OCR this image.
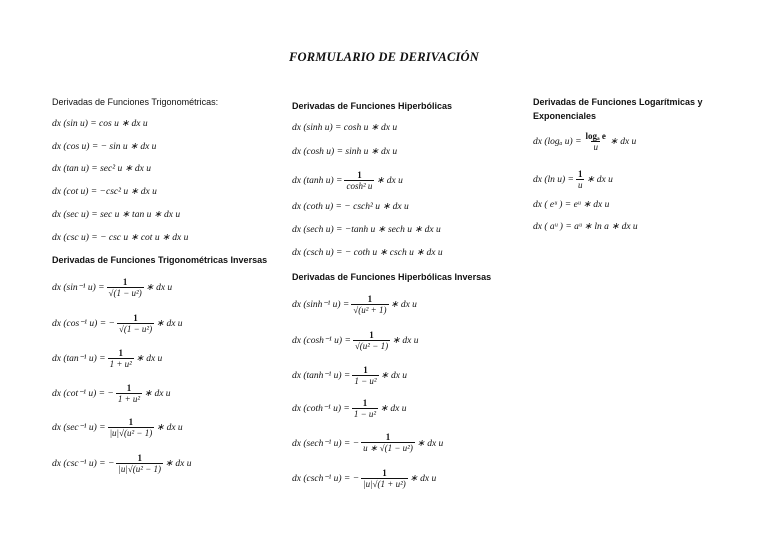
FORMULARIO DE DERIVACIÓN
Derivadas de Funciones Trigonométricas:
dx (sin u) = cos u ∗ dx u
dx (cos u) = − sin u ∗ dx u
dx (tan u) = sec² u ∗ dx u
dx (cot u) = −csc² u ∗ dx u
dx (sec u) = sec u ∗ tan u ∗ dx u
dx (csc u) = − csc u ∗ cot u ∗ dx u
Derivadas de Funciones Trigonométricas Inversas
dx (sin⁻¹ $u) = \frac{1}{\text{√(1 − u²)}}$ ∗ dx u
dx (cos⁻¹ u) = − $\frac{1}{\text{√(1 − u²)}}$ ∗ dx u
dx (tan⁻¹ $u) = \frac{1}{\text{1 + u²}}$ ∗ dx u
dx (cot⁻¹ u) = − $\frac{1}{\text{1 + u²}}$ ∗ dx u
dx (sec⁻¹ $u) = \frac{1}{\text{|u|√(u² − 1)}}$ ∗ dx u
dx (csc⁻¹ u) = − $\frac{1}{\text{|u|√(u² − 1)}}$ ∗ dx u
Derivadas de Funciones Hiperbólicas
dx (sinh u) = cosh u ∗ dx u
dx (cosh u) = sinh u ∗ dx u
dx (tanh $u) = \frac{1}{\text{cosh² u}}$ ∗ dx u
dx (coth u) = − csch² u ∗ dx u
dx (sech u) = −tanh u ∗ sech u ∗ dx u
dx (csch u) = − coth u ∗ csch u ∗ dx u
Derivadas de Funciones Hiperbólicas Inversas
dx (sinh⁻¹ $u) = \frac{1}{\text{√(u² + 1)}}$ ∗ dx u
dx (cosh⁻¹ $u) = \frac{1}{\text{√(u² − 1)}}$ ∗ dx u
dx (tanh⁻¹ $u) = \frac{1}{\text{1 − u²}}$ ∗ dx u
dx (coth⁻¹ $u) = \frac{1}{\text{1 − u²}}$ ∗ dx u
dx (sech⁻¹ u) = − $\frac{1}{\text{u ∗ √(1 − u²)}}$ ∗ dx u
dx (csch⁻¹ u) = − $\frac{1}{\text{|u|√(1 + u²)}}$ ∗ dx u
Derivadas de Funciones Logarítmicas y Exponenciales
dx (logₐ $u) = \frac{\text{logₐ e}}{u}$ ∗ dx u
dx (ln $u) = \frac{1}{u}$ ∗ dx u
dx ( eᵘ ) = eᵘ ∗ dx u
dx ( aᵘ ) = aᵘ ∗ ln a ∗ dx u
